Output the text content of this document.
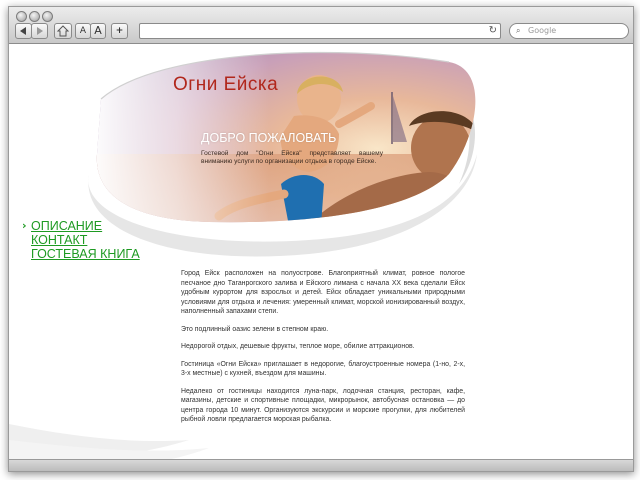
A A	+	↻ ⌕ Google
Огни Ейска
ДОБРО ПОЖАЛОВАТЬ
Гостевой дом "Огни Ейска" представляет вашему вниманию услуги по организации отдыха в городе Ейске.
› ОПИСАНИЕ
КОНТАКТ
ГОСТЕВАЯ КНИГА

Город Ейск расположен на полуострове. Благоприятный климат, ровное пологое песчаное дно Таганрогского залива и Ейского лимана с начала XX века сделали Ейск удобным курортом для взрослых и детей. Ейск обладает уникальными природными условиями для отдыха и лечения: умеренный климат, морской ионизированный воздух, наполненный запахами степи.

Это подлинный оазис зелени в степном краю.

Недорогой отдых, дешевые фрукты, теплое море, обилие аттракционов.

Гостиница «Огни Ейска» приглашает в недорогие, благоустроенные номера (1-но, 2-х, 3-х местные) с кухней, въездом для машины.

Недалеко от гостиницы находится луна-парк, лодочная станция, ресторан, кафе, магазины, детские и спортивные площадки, микрорынок, автобусная остановка — до центра города 10 минут. Организуются экскурсии и морские прогулки, для любителей рыбной ловли предлагается морская рыбалка.
